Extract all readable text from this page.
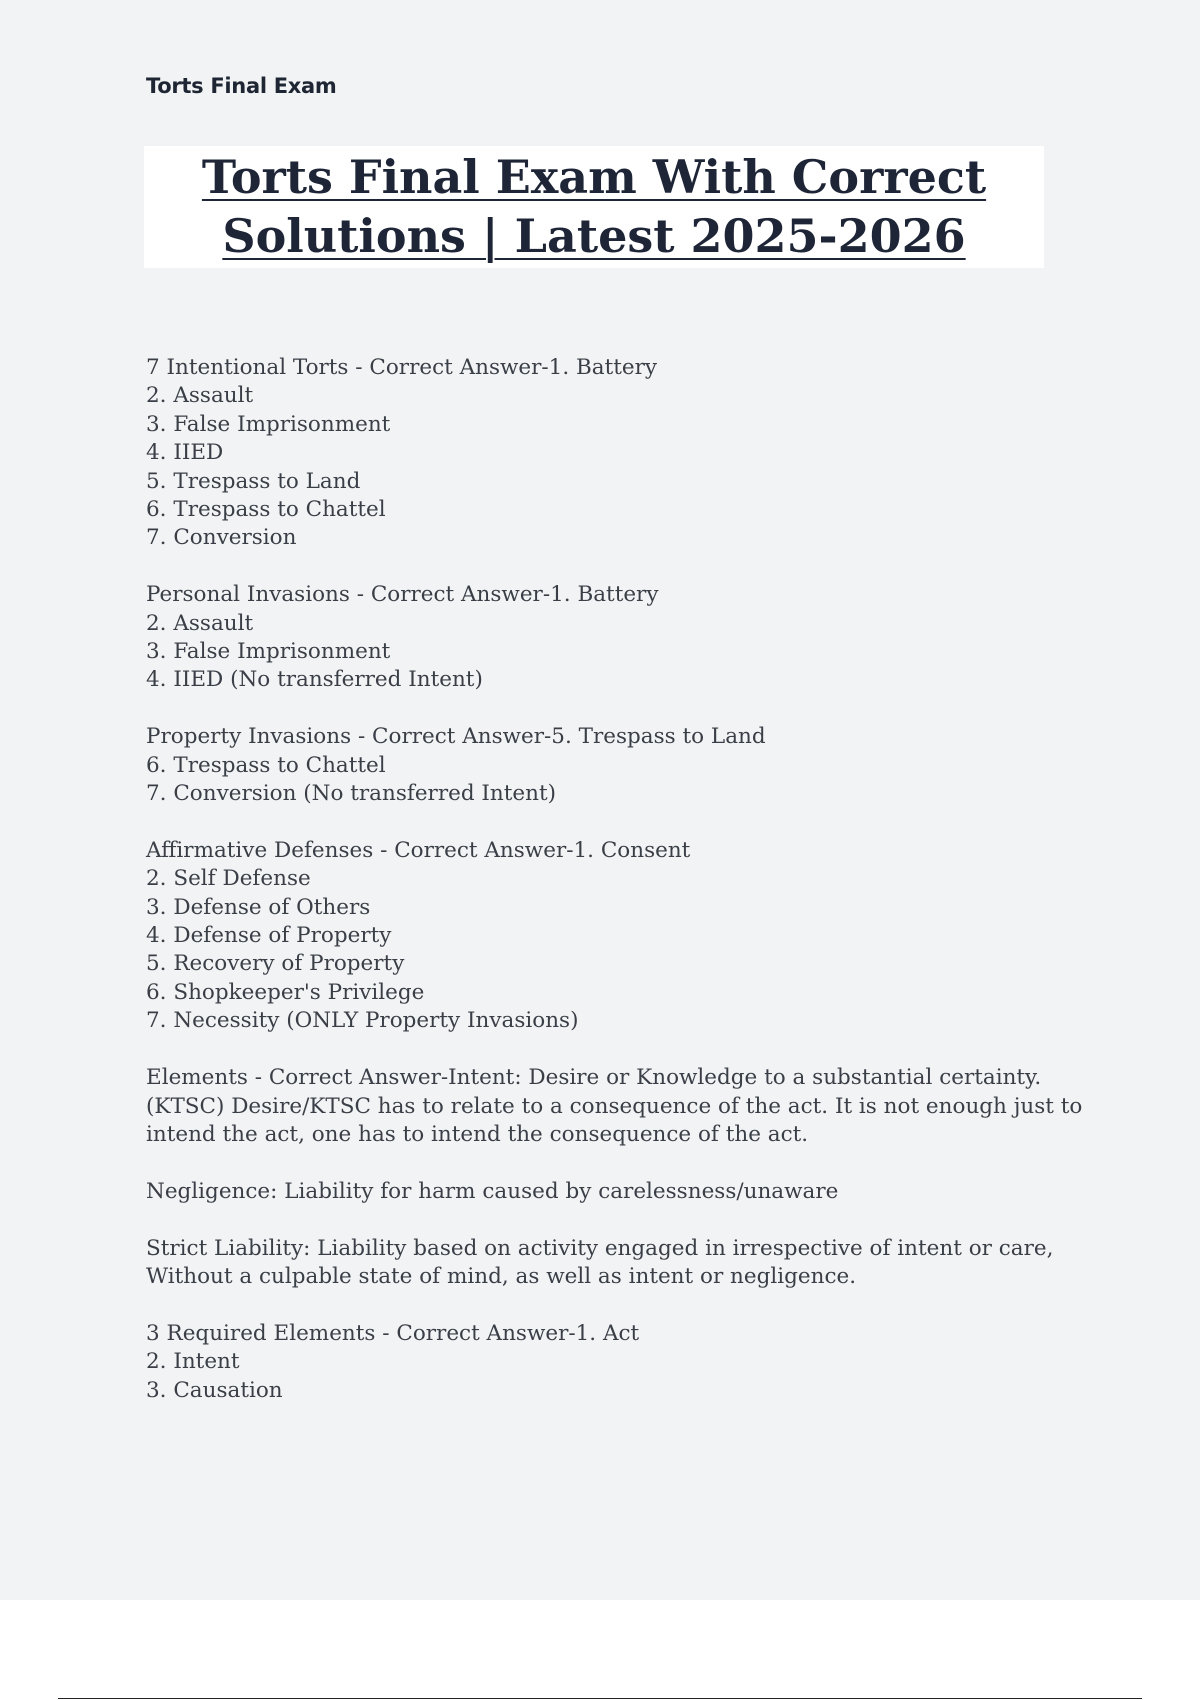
Torts Final Exam
Torts Final Exam With Correct Solutions | Latest 2025-2026
7 Intentional Torts - Correct Answer-1. Battery
2. Assault
3. False Imprisonment
4. IIED
5. Trespass to Land
6. Trespass to Chattel
7. Conversion
Personal Invasions - Correct Answer-1. Battery
2. Assault
3. False Imprisonment
4. IIED (No transferred Intent)
Property Invasions - Correct Answer-5. Trespass to Land
6. Trespass to Chattel
7. Conversion (No transferred Intent)
Affirmative Defenses - Correct Answer-1. Consent
2. Self Defense
3. Defense of Others
4. Defense of Property
5. Recovery of Property
6. Shopkeeper's Privilege
7. Necessity (ONLY Property Invasions)
Elements - Correct Answer-Intent: Desire or Knowledge to a substantial certainty. (KTSC) Desire/KTSC has to relate to a consequence of the act. It is not enough just to intend the act, one has to intend the consequence of the act.
Negligence: Liability for harm caused by carelessness/unaware
Strict Liability: Liability based on activity engaged in irrespective of intent or care, Without a culpable state of mind, as well as intent or negligence.
3 Required Elements - Correct Answer-1. Act
2. Intent
3. Causation
